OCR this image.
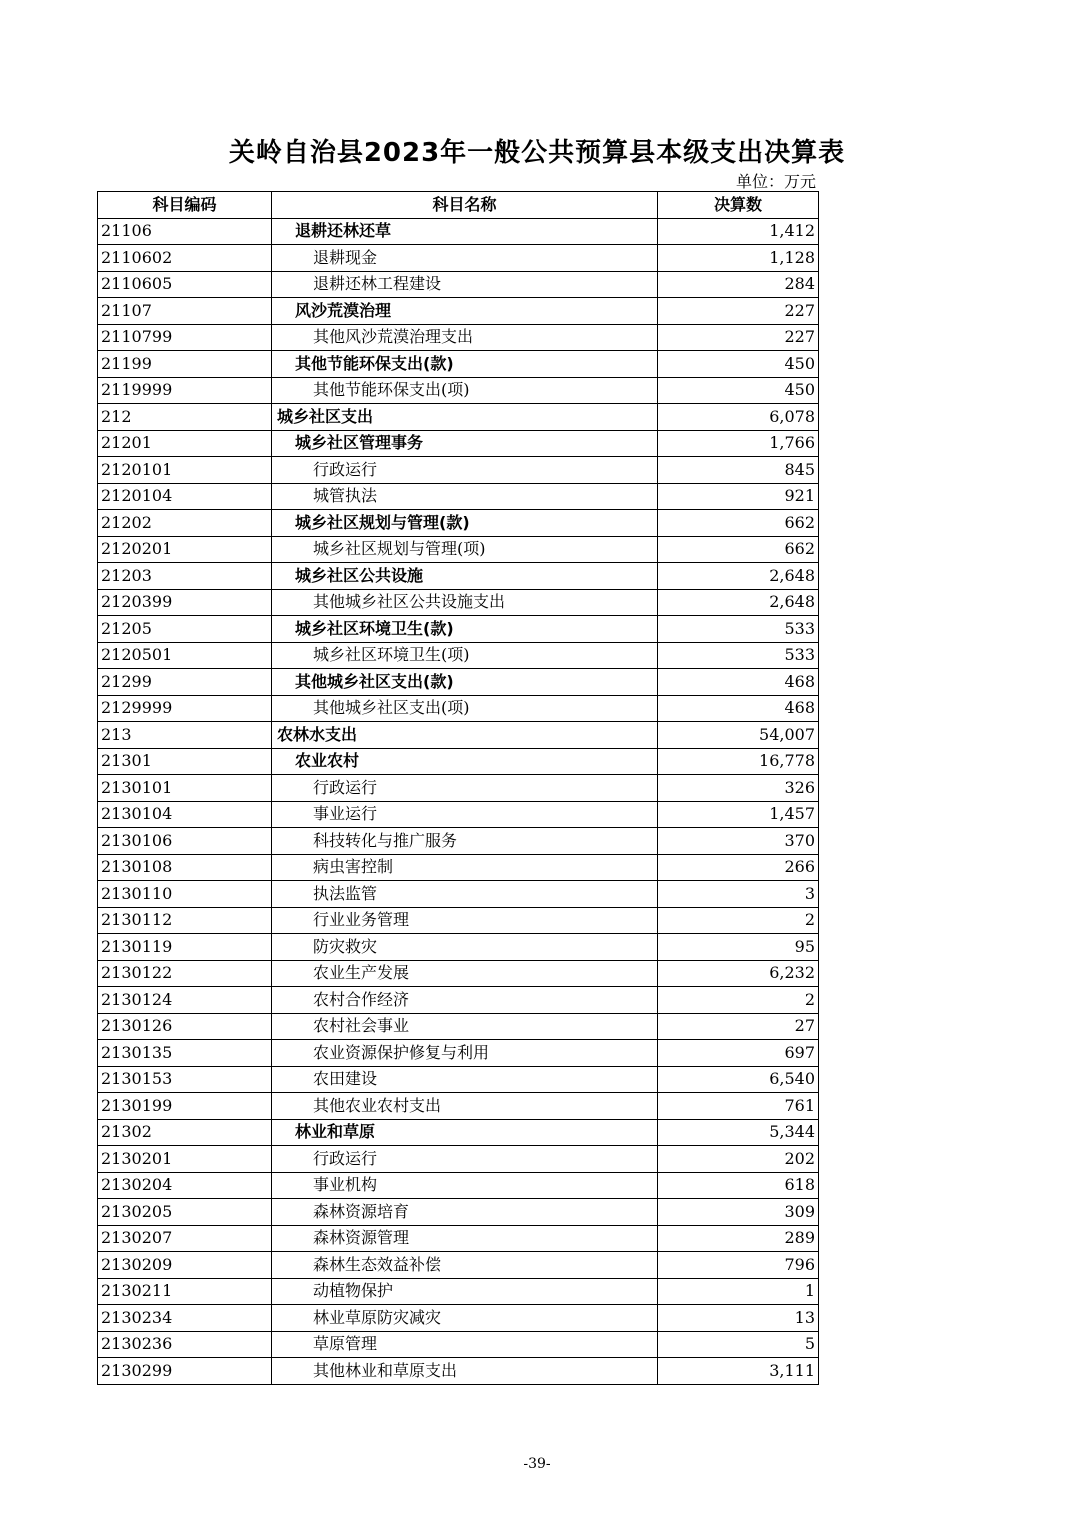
关岭自治县2023年一般公共预算县本级支出决算表
单位：万元
科目编码	科目名称	决算数
21106	退耕还林还草	1,412
2110602	退耕现金	1,128
2110605	退耕还林工程建设	284
21107	风沙荒漠治理	227
2110799	其他风沙荒漠治理支出	227
21199	其他节能环保支出(款)	450
2119999	其他节能环保支出(项)	450
212	城乡社区支出	6,078
21201	城乡社区管理事务	1,766
2120101	行政运行	845
2120104	城管执法	921
21202	城乡社区规划与管理(款)	662
2120201	城乡社区规划与管理(项)	662
21203	城乡社区公共设施	2,648
2120399	其他城乡社区公共设施支出	2,648
21205	城乡社区环境卫生(款)	533
2120501	城乡社区环境卫生(项)	533
21299	其他城乡社区支出(款)	468
2129999	其他城乡社区支出(项)	468
213	农林水支出	54,007
21301	农业农村	16,778
2130101	行政运行	326
2130104	事业运行	1,457
2130106	科技转化与推广服务	370
2130108	病虫害控制	266
2130110	执法监管	3
2130112	行业业务管理	2
2130119	防灾救灾	95
2130122	农业生产发展	6,232
2130124	农村合作经济	2
2130126	农村社会事业	27
2130135	农业资源保护修复与利用	697
2130153	农田建设	6,540
2130199	其他农业农村支出	761
21302	林业和草原	5,344
2130201	行政运行	202
2130204	事业机构	618
2130205	森林资源培育	309
2130207	森林资源管理	289
2130209	森林生态效益补偿	796
2130211	动植物保护	1
2130234	林业草原防灾减灾	13
2130236	草原管理	5
2130299	其他林业和草原支出	3,111
-39-
